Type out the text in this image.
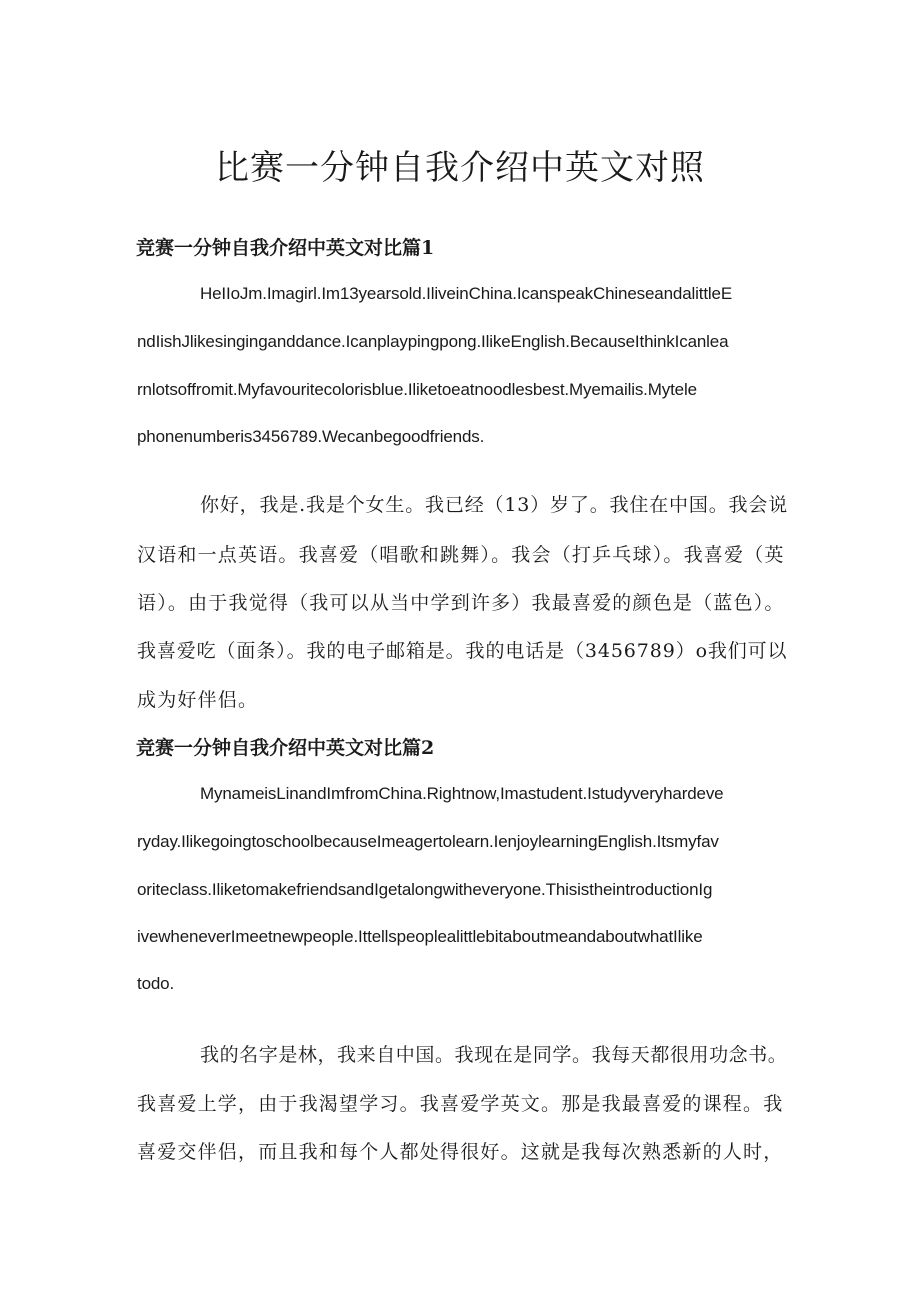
比赛一分钟自我介绍中英文对照
竞赛一分钟自我介绍中英文对比篇1

HeIIoJm.Imagirl.Im13yearsold.IliveinChina.IcanspeakChineseandalittleE

ndIishJlikesinginganddance.Icanplaypingpong.IlikeEnglish.BecauseIthinkIcanlea

rnlotsoffromit.Myfavouritecolorisblue.Iliketoeatnoodlesbest.Myemailis.Mytele

phonenumberis3456789.Wecanbegoodfriends.

你好，我是.我是个女生。我已经（13）岁了。我住在中国。我会说

汉语和一点英语。我喜爱（唱歌和跳舞）。我会（打乒乓球）。我喜爱（英

语）。由于我觉得（我可以从当中学到许多）我最喜爱的颜色是（蓝色）。

我喜爱吃（面条）。我的电子邮箱是。我的电话是（3456789）o我们可以

成为好伴侣。

竞赛一分钟自我介绍中英文对比篇2

MynameisLinandImfromChina.Rightnow,Imastudent.Istudyveryhardeve

ryday.IlikegoingtoschoolbecauseImeagertolearn.IenjoylearningEnglish.Itsmyfav

oriteclass.IliketomakefriendsandIgetalongwitheveryone.ThisistheintroductionIg

ivewheneverImeetnewpeople.IttellspeoplealittlebitaboutmeandaboutwhatIlike

todo.

我的名字是林，我来自中国。我现在是同学。我每天都很用功念书。

我喜爱上学，由于我渴望学习。我喜爱学英文。那是我最喜爱的课程。我

喜爱交伴侣，而且我和每个人都处得很好。这就是我每次熟悉新的人时，
